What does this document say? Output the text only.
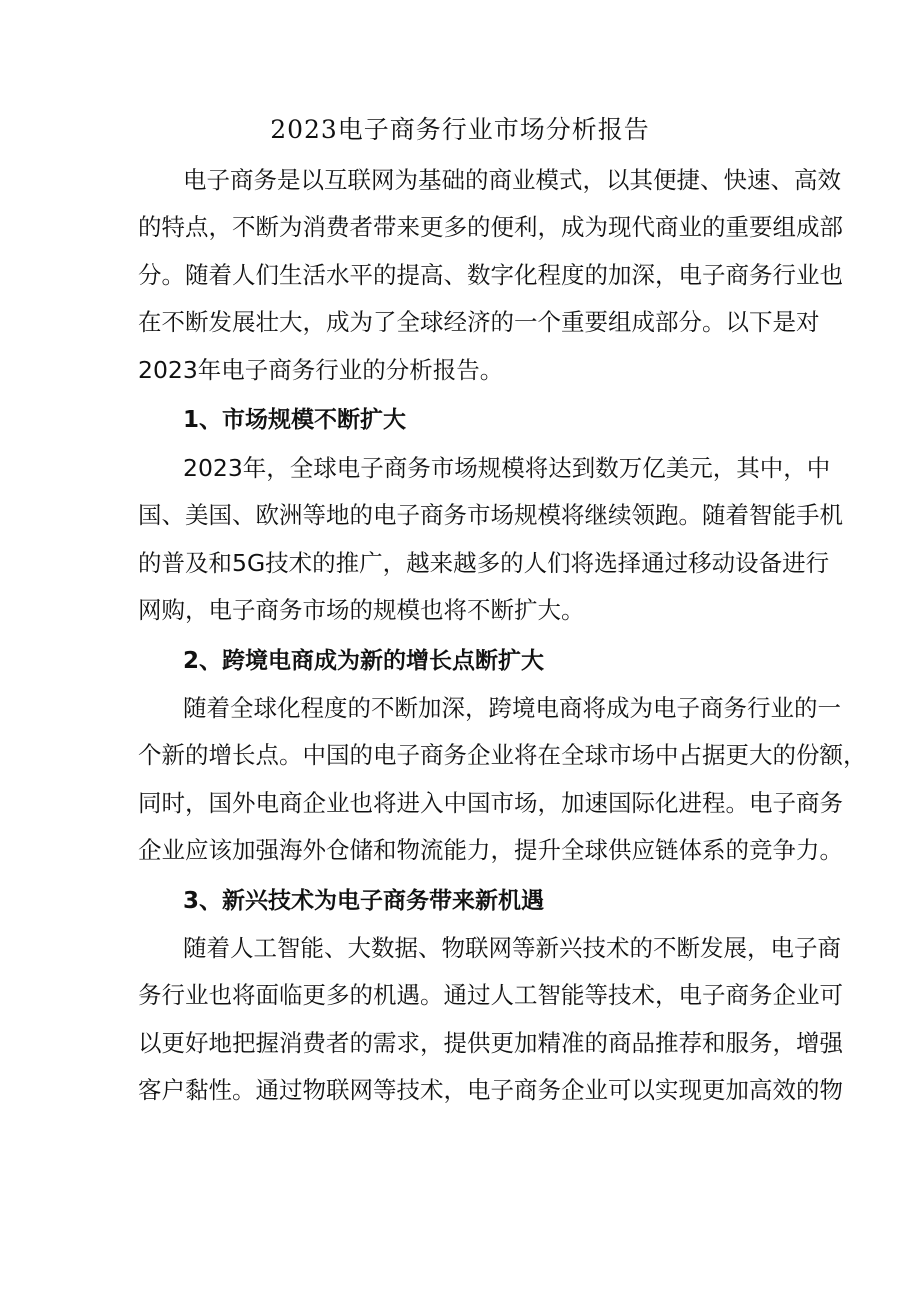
2023电子商务行业市场分析报告
电子商务是以互联网为基础的商业模式，以其便捷、快速、高效
的特点，不断为消费者带来更多的便利，成为现代商业的重要组成部
分。随着人们生活水平的提高、数字化程度的加深，电子商务行业也
在不断发展壮大，成为了全球经济的一个重要组成部分。以下是对
2023年电子商务行业的分析报告。
1、市场规模不断扩大
2023年，全球电子商务市场规模将达到数万亿美元，其中，中
国、美国、欧洲等地的电子商务市场规模将继续领跑。随着智能手机
的普及和5G技术的推广，越来越多的人们将选择通过移动设备进行
网购，电子商务市场的规模也将不断扩大。
2、跨境电商成为新的增长点断扩大
随着全球化程度的不断加深，跨境电商将成为电子商务行业的一
个新的增长点。中国的电子商务企业将在全球市场中占据更大的份额，
同时，国外电商企业也将进入中国市场，加速国际化进程。电子商务
企业应该加强海外仓储和物流能力，提升全球供应链体系的竞争力。
3、新兴技术为电子商务带来新机遇
随着人工智能、大数据、物联网等新兴技术的不断发展，电子商
务行业也将面临更多的机遇。通过人工智能等技术，电子商务企业可
以更好地把握消费者的需求，提供更加精准的商品推荐和服务，增强
客户黏性。通过物联网等技术，电子商务企业可以实现更加高效的物
